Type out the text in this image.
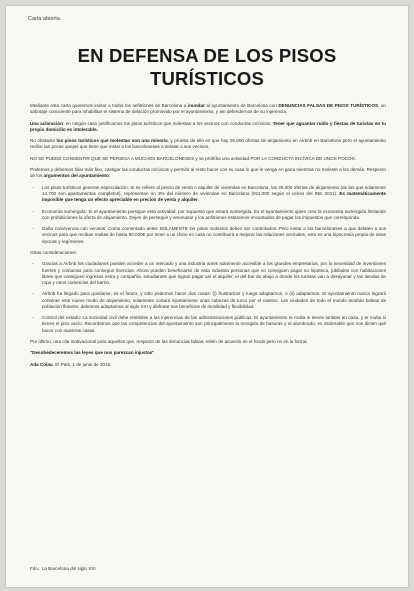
Carta abierta
EN DEFENSA DE LOS PISOS
TURÍSTICOS

Mediante esta carta queremos invitar a todos los anfitriones de Barcelona a inundar al ayuntamiento de Barcelona con DENUNCIAS FALSAS DE PISOS TURÍSTICOS, un sabotaje conociente para inhabilitar el sistema de delación promovido por el ayuntamiento, y así defendernos de su injerencia.

Una aclaración: en ningún caso justificamos los pisos turísticos que molestan a los vecinos con conductas incívicas. Tener que aguantar ruido y fiestas de turistas en tu propio domicilio es intolerable.

No obstante los pisos turísticos que molestan son una minoría, y prueba de ello es que hay 26.000 ofertas de alojamiento en Airbnb en Barcelona pero el ayuntamiento recibe tan pocas quejas que tiene que instar a los barceloneses a delatar a sus vecinos.

NO SE PUEDE CONSENTIR QUE SE PERSIGA A MUCHOS BARCELONESES y se prohíba una actividad POR LA CONDUCTA INCÍVICA DE UNOS POCOS.

Podemos y debemos hilar más fino, castigar las conductas incívicas y permitir al resto hacer con su casa lo que le venga en gana mientras no moleste a los demás. Respecto de los argumentos del ayuntamiento:

- Los pisos turísticos generan especulación: Si se refiere al precio de venta o alquiler de viviendas en Barcelona, las 26.000 ofertas de alojamiento (de las que solamente 14.700 son apartamentos completos), representan un 3% del número de viviendas en Barcelona (811.000 según el censo del INE 2011). Es matemáticamente imposible que tenga un efecto apreciable en precios de venta y alquiler.
- Economía sumergida: Si el ayuntamiento persigue esta actividad, por supuesto que estará sumergida. Es el ayuntamiento quien crea la economía sumergida limitando con prohibiciones la oferta de alojamiento. Dejen de perseguir y amenazar y los anfitriones estaremos encantados de pagar los impuestos que corresponda.
- Daña convivencia con vecinos: Como comentado antes SOLAMENTE los pisos molestos deben ser controlados. Pero instar a los barceloneses a que delaten a sus vecinos para que reciban multas de hasta 90.000€ por tener a un chino en casa no contribuirá a mejorar las relaciones vecinales, esto es una hipocresía propia de otras épocas y regímenes.

Otras consideraciones:

- Gracias a Airbnb los ciudadanos pueden acceder a un mercado y una industria antes solamente accesible a los grandes empresarios, por la necesidad de inversiones fuertes y contactos para conseguir licencias. Ahora pueden beneficiarse de esta industria personas que no consiguen pagar su hipoteca, jubilados con habitaciones libres que consiguen ingresos extra y compañía, estudiantes que logran pagar así el alquiler, el del bar de abajo a donde los turistas van a desayunar y las tiendas de ropa y otros comercios del barrio.
- Airbnb ha llegado para quedarse, es el futuro, y sólo podemos hacer dos cosas: (i) frustrarnos y luego adaptarnos, o (ii) adaptarnos. El ayuntamiento nunca logrará contener este nuevo modo de alojamiento, solamente cortará injustamente unas cabezas de turco por el camino. Las ciudades de todo el mundo tendrán bolsas de población flotante, debemos adaptarnos al siglo XXI y disfrutar sus beneficios de movilidad y flexibilidad.
- Control del estado: La sociedad civil debe resistirse a las injerencias de las administraciones públicas. El ayuntamiento te multa si tienes turistas en casa, y te multa si tienes el piso vacío. Recordemos que las competencias del ayuntamiento son principalmente la recogida de basuras y el alumbrado, es intolerable que nos dicten qué hacer con nuestras casas.

Por último, una cita motivacional para aquellos que, respecto de las denuncias falsas, estén de acuerdo en el fondo pero no en la forma:

"Desobedeceremos las leyes que nos parezcan injustas"

Ada Colau, El País, 1 de junio de 2015.

Fdo.: La Barcelona del siglo XXI
